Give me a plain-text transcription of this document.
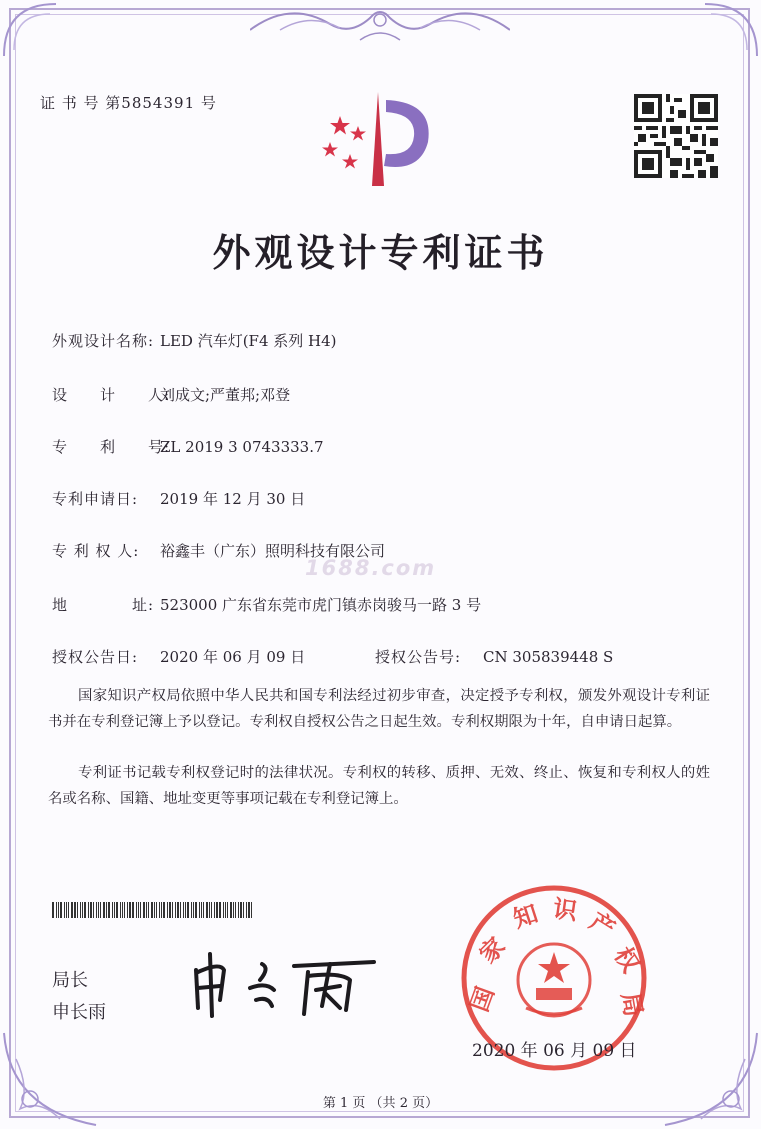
证 书 号 第5854391 号
外观设计专利证书
外观设计名称: LED 汽车灯(F4 系列 H4)
设　　计　　人:刘成文;严董邦;邓登
专　　利　　号:ZL 2019 3 0743333.7
专利申请日: 2019 年 12 月 30 日
专 利 权 人: 裕鑫丰（广东）照明科技有限公司
1688.com
地　　　　址: 523000 广东省东莞市虎门镇赤岗骏马一路 3 号
授权公告日: 2020 年 06 月 09 日	授权公告号: CN 305839448 S
国家知识产权局依照中华人民共和国专利法经过初步审查，决定授予专利权，颁发外观设计专利证书并在专利登记簿上予以登记。专利权自授权公告之日起生效。专利权期限为十年，自申请日起算。
专利证书记载专利权登记时的法律状况。专利权的转移、质押、无效、终止、恢复和专利权人的姓名或名称、国籍、地址变更等事项记载在专利登记簿上。
局长
申长雨	国
家
知 识 产
权
局
2020 年 06 月 09 日
第 1 页 （共 2 页）
